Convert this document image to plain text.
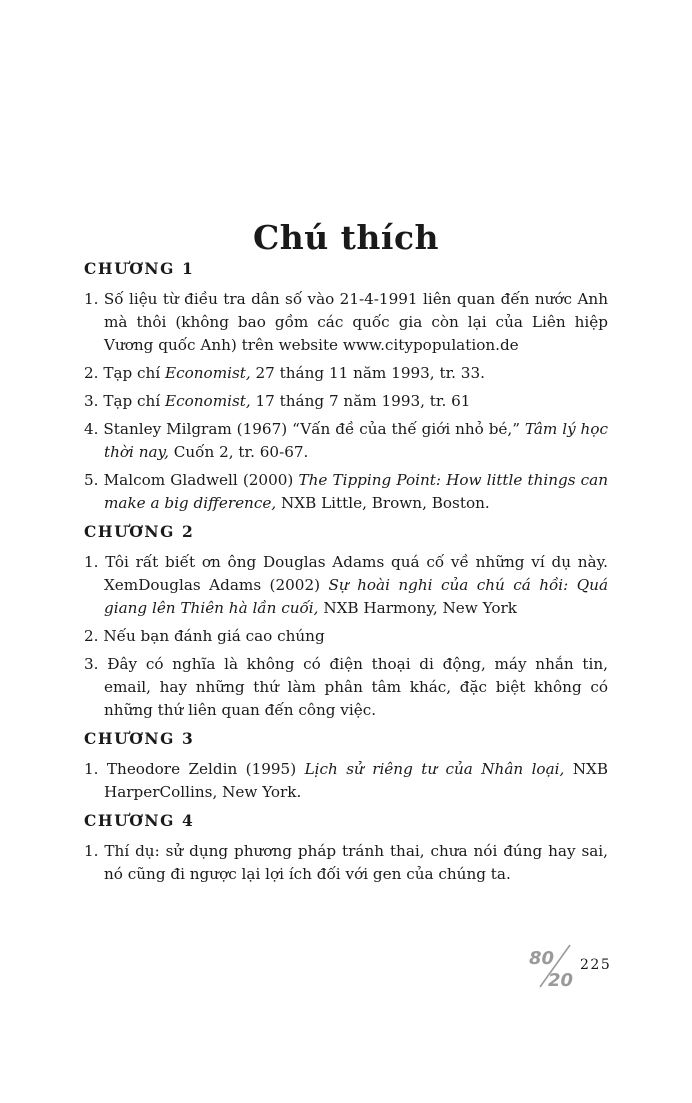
Chú thích
CHƯƠNG 1
1. Số liệu từ điều tra dân số vào 21-4-1991 liên quan đến nước Anh mà thôi (không bao gồm các quốc gia còn lại của Liên hiệp Vương quốc Anh) trên website www.citypopulation.de
2. Tạp chí Economist, 27 tháng 11 năm 1993, tr. 33.
3. Tạp chí Economist, 17 tháng 7 năm 1993, tr. 61
4. Stanley Milgram (1967) “Vấn đề của thế giới nhỏ bé,” Tâm lý học thời nay, Cuốn 2, tr. 60-67.
5. Malcom Gladwell (2000) The Tipping Point: How little things can make a big difference, NXB Little, Brown, Boston.
CHƯƠNG 2
1. Tôi rất biết ơn ông Douglas Adams quá cố về những ví dụ này. XemDouglas Adams (2002) Sự hoài nghi của chú cá hồi: Quá giang lên Thiên hà lần cuối, NXB Harmony, New York
2. Nếu bạn đánh giá cao chúng
3. Đây có nghĩa là không có điện thoại di động, máy nhắn tin, email, hay những thứ làm phân tâm khác, đặc biệt không có những thứ liên quan đến công việc.
CHƯƠNG 3
1. Theodore Zeldin (1995) Lịch sử riêng tư của Nhân loại, NXB HarperCollins, New York.
CHƯƠNG 4
1. Thí dụ: sử dụng phương pháp tránh thai, chưa nói đúng hay sai, nó cũng đi ngược lại lợi ích đối với gen của chúng ta.
80
20
225
